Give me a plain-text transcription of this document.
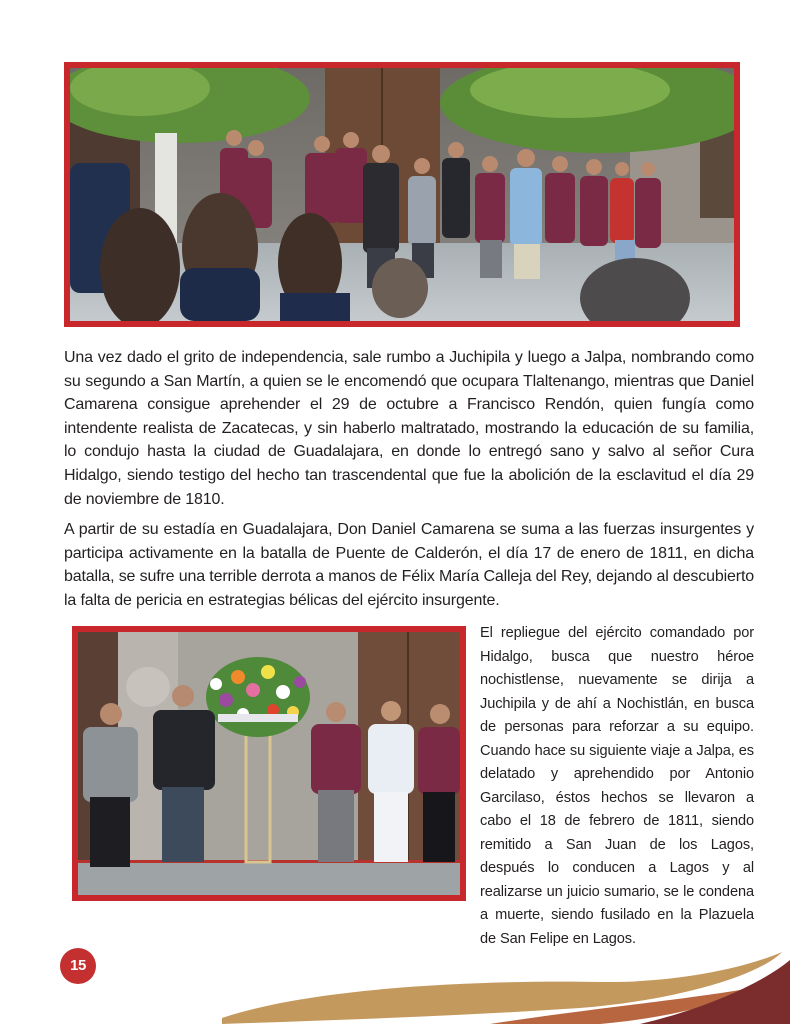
Una vez dado el grito de independencia, sale rumbo a Juchipila y luego a Jalpa, nombrando como su segundo a San Martín, a quien se le encomendó que ocupara Tlaltenango, mientras que Daniel Camarena consigue aprehender el 29 de octubre a Francisco Rendón, quien fungía como intendente realista de Zacatecas, y sin haberlo maltratado, mostrando la educación de su familia, lo condujo hasta la ciudad de Guadalajara, en donde lo entregó sano y salvo al señor Cura Hidalgo, siendo testigo del hecho tan trascendental que fue la abolición de la esclavitud el día 29 de noviembre de 1810.

A partir de su estadía en Guadalajara, Don Daniel Camarena se suma a las fuerzas insurgentes y participa activamente en la batalla de Puente de Calderón, el día 17 de enero de 1811, en dicha batalla, se sufre una terrible derrota a manos de Félix María Calleja del Rey, dejando al descubierto la falta de pericia en estrategias bélicas del ejército insurgente.

El repliegue del ejército comandado por Hidalgo, busca que nuestro héroe nochistlense, nuevamente se dirija a Juchipila y de ahí a Nochistlán, en busca de personas para reforzar a su equipo. Cuando hace su siguiente viaje a Jalpa, es delatado y aprehendido por Antonio Garcilaso, éstos hechos se llevaron a cabo el 18 de febrero de 1811, siendo remitido a San Juan de los Lagos, después lo conducen a Lagos y al realizarse un juicio sumario, se le condena a muerte, siendo fusilado en la Plazuela de San Felipe en Lagos.

15
